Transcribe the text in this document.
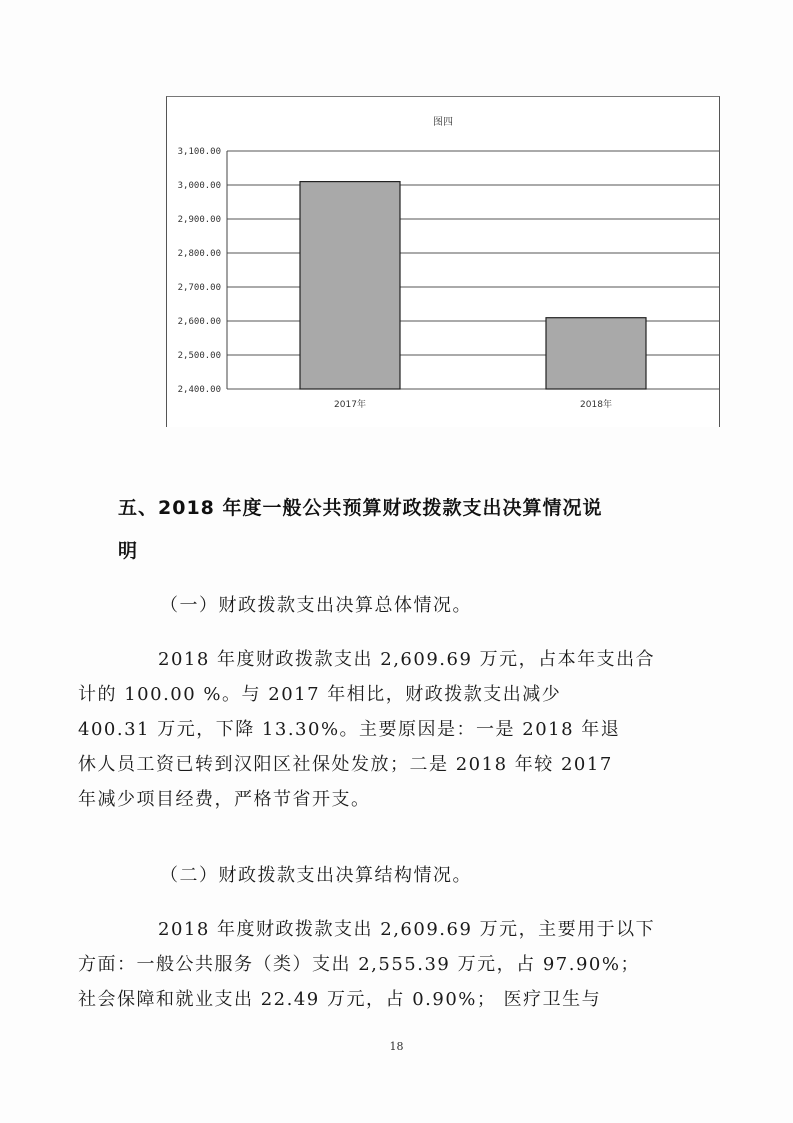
图四
2,400.00
2,500.00
2,600.00
2,700.00
2,800.00
2,900.00
3,000.00
3,100.00
2017年	2018年
五、2018 年度一般公共预算财政拨款支出决算情况说
明

（一）财政拨款支出决算总体情况。

2018 年度财政拨款支出 2,609.69 万元，占本年支出合
计的 100.00 %。与 2017 年相比，财政拨款支出减少
400.31 万元，下降 13.30%。主要原因是：一是 2018 年退
休人员工资已转到汉阳区社保处发放；二是 2018 年较 2017
年减少项目经费，严格节省开支。

（二）财政拨款支出决算结构情况。

2018 年度财政拨款支出 2,609.69 万元，主要用于以下
方面：一般公共服务（类）支出 2,555.39 万元，占 97.90%；
社会保障和就业支出 22.49 万元，占 0.90%； 医疗卫生与

18
